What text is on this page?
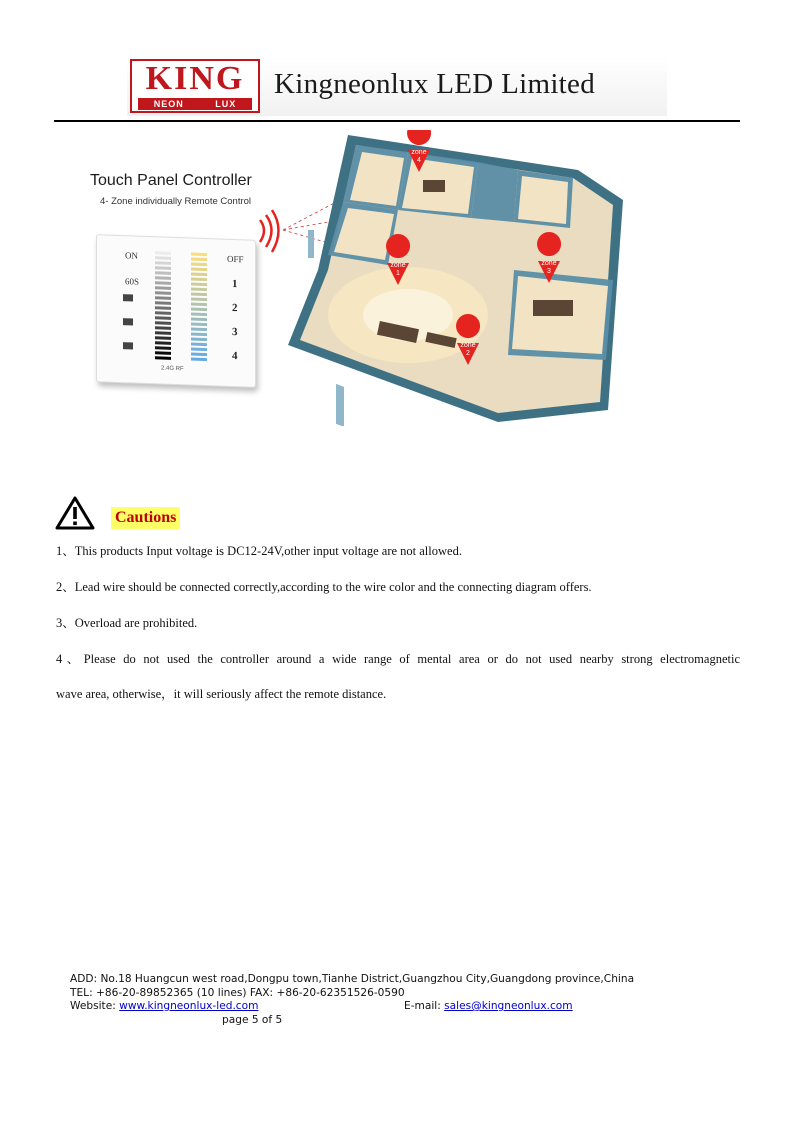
KING
NEON	LUX
Kingneonlux LED Limited
Touch Panel Controller
4- Zone individually Remote Control
zone
4
zone
1
zone
3
zone
2
ON
60S
OFF
1
2
3
4
2.4G RF
Cautions
1、This products Input voltage is DC12-24V,other input voltage are not allowed.
2、Lead wire should be connected correctly,according to the wire color and the connecting diagram offers.
3、Overload are prohibited.
4、Please do not used the controller around a wide range of mental area or do not used nearby strong electromagnetic
wave area, otherwise，it will seriously affect the remote distance.
ADD: No.18 Huangcun west road,Dongpu town,Tianhe District,Guangzhou City,Guangdong province,China
TEL: +86-20-89852365 (10 lines) FAX: +86-20-62351526-0590
Website: www.kingneonlux-led.com	E-mail: sales@kingneonlux.com
page 5 of 5
